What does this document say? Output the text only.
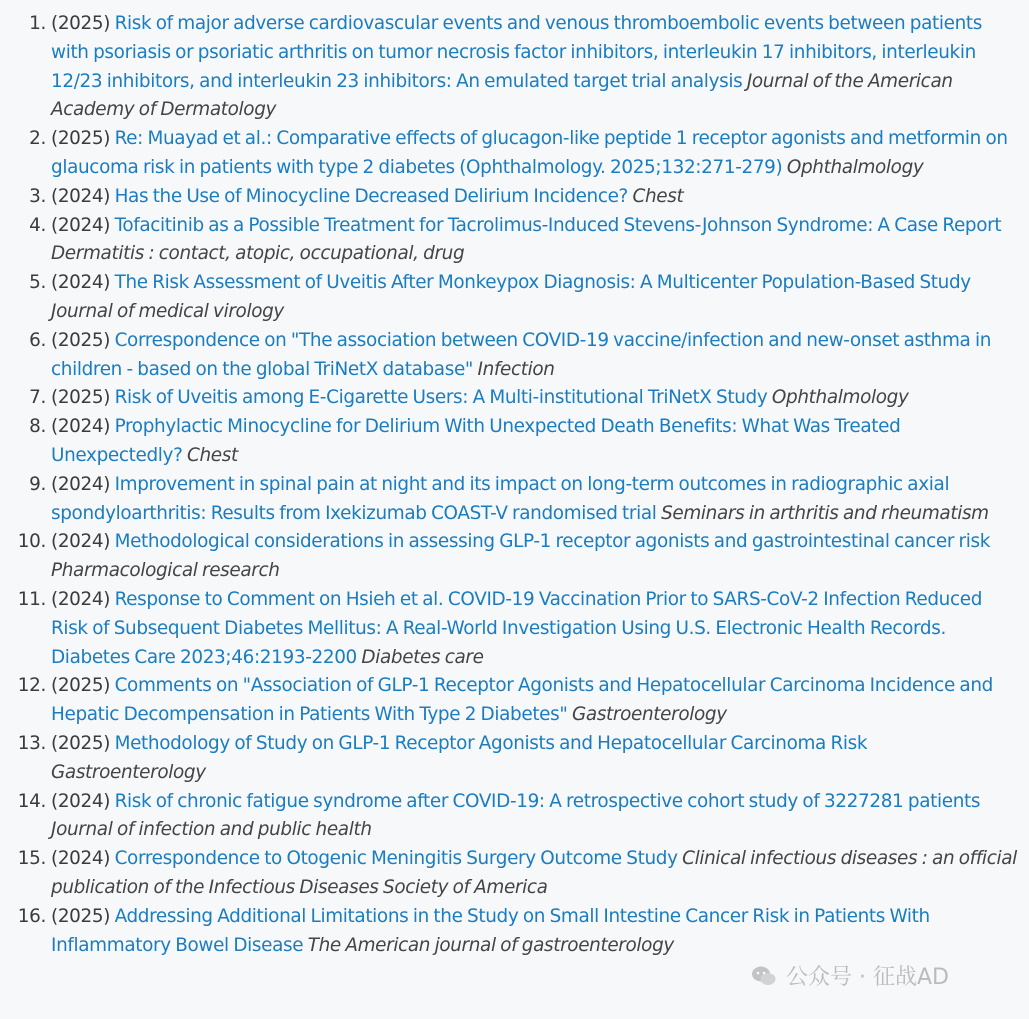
1. (2025) Risk of major adverse cardiovascular events and venous thromboembolic events between patients with psoriasis or psoriatic arthritis on tumor necrosis factor inhibitors, interleukin 17 inhibitors, interleukin 12/23 inhibitors, and interleukin 23 inhibitors: An emulated target trial analysis Journal of the American Academy of Dermatology
2. (2025) Re: Muayad et al.: Comparative effects of glucagon-like peptide 1 receptor agonists and metformin on glaucoma risk in patients with type 2 diabetes (Ophthalmology. 2025;132:271-279) Ophthalmology
3. (2024) Has the Use of Minocycline Decreased Delirium Incidence? Chest
4. (2024) Tofacitinib as a Possible Treatment for Tacrolimus-Induced Stevens-Johnson Syndrome: A Case Report Dermatitis : contact, atopic, occupational, drug
5. (2024) The Risk Assessment of Uveitis After Monkeypox Diagnosis: A Multicenter Population-Based Study Journal of medical virology
6. (2025) Correspondence on "The association between COVID-19 vaccine/infection and new-onset asthma in children - based on the global TriNetX database" Infection
7. (2025) Risk of Uveitis among E-Cigarette Users: A Multi-institutional TriNetX Study Ophthalmology
8. (2024) Prophylactic Minocycline for Delirium With Unexpected Death Benefits: What Was Treated Unexpectedly? Chest
9. (2024) Improvement in spinal pain at night and its impact on long-term outcomes in radiographic axial spondyloarthritis: Results from Ixekizumab COAST-V randomised trial Seminars in arthritis and rheumatism
10. (2024) Methodological considerations in assessing GLP-1 receptor agonists and gastrointestinal cancer risk Pharmacological research
11. (2024) Response to Comment on Hsieh et al. COVID-19 Vaccination Prior to SARS-CoV-2 Infection Reduced Risk of Subsequent Diabetes Mellitus: A Real-World Investigation Using U.S. Electronic Health Records. Diabetes Care 2023;46:2193-2200 Diabetes care
12. (2025) Comments on "Association of GLP-1 Receptor Agonists and Hepatocellular Carcinoma Incidence and Hepatic Decompensation in Patients With Type 2 Diabetes" Gastroenterology
13. (2025) Methodology of Study on GLP-1 Receptor Agonists and Hepatocellular Carcinoma Risk Gastroenterology
14. (2024) Risk of chronic fatigue syndrome after COVID-19: A retrospective cohort study of 3227281 patients Journal of infection and public health
15. (2024) Correspondence to Otogenic Meningitis Surgery Outcome Study Clinical infectious diseases : an official publication of the Infectious Diseases Society of America
16. (2025) Addressing Additional Limitations in the Study on Small Intestine Cancer Risk in Patients With Inflammatory Bowel Disease The American journal of gastroenterology
公众号 · 征战AD
